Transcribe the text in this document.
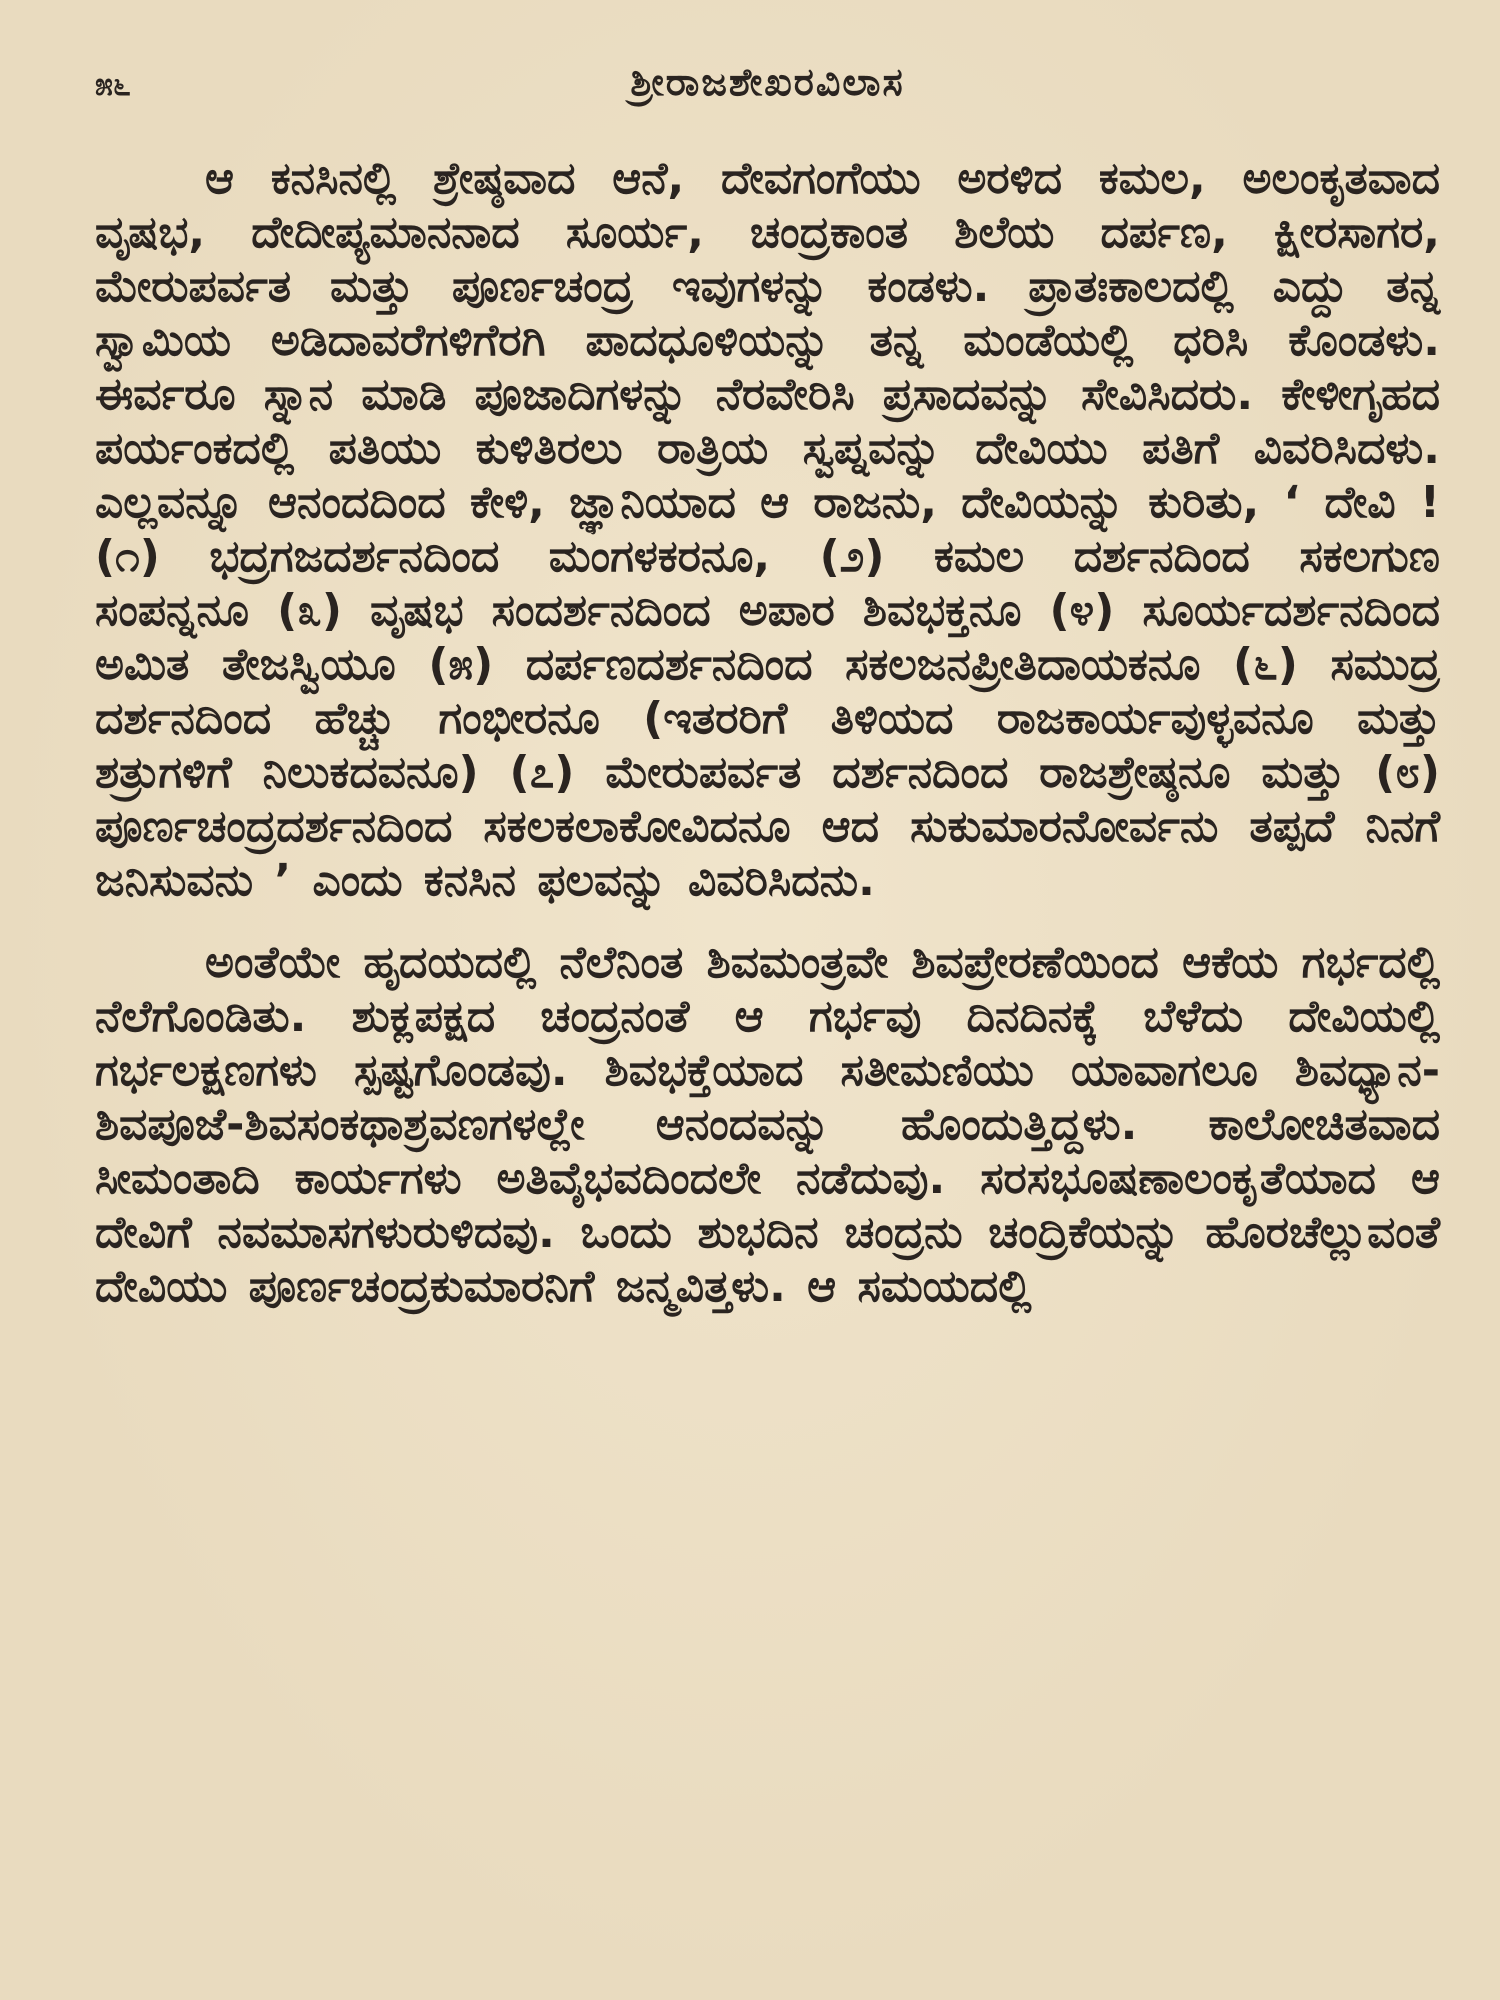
೫೬	ಶ್ರೀರಾಜಶೇಖರವಿಲಾಸ

ಆ ಕನಸಿನಲ್ಲಿ ಶ್ರೇಷ್ಠವಾದ ಆನೆ, ದೇವಗಂಗೆಯು ಅರಳಿದ ಕಮಲ, ಅಲಂಕೃತವಾದ ವೃಷಭ, ದೇದೀಪ್ಯಮಾನನಾದ ಸೂರ್ಯ, ಚಂದ್ರಕಾಂತ ಶಿಲೆಯ ದರ್ಪಣ, ಕ್ಷೀರಸಾಗರ, ಮೇರುಪರ್ವತ ಮತ್ತು ಪೂರ್ಣಚಂದ್ರ ಇವುಗಳನ್ನು ಕಂಡಳು. ಪ್ರಾತಃಕಾಲದಲ್ಲಿ ಎದ್ದು ತನ್ನ ಸ್ವಾಮಿಯ ಅಡಿದಾವರೆಗಳಿಗೆರಗಿ ಪಾದಧೂಳಿಯನ್ನು ತನ್ನ ಮಂಡೆಯಲ್ಲಿ ಧರಿಸಿ ಕೊಂಡಳು. ಈರ್ವರೂ ಸ್ನಾನ ಮಾಡಿ ಪೂಜಾದಿಗಳನ್ನು ನೆರವೇರಿಸಿ ಪ್ರಸಾದವನ್ನು ಸೇವಿಸಿದರು. ಕೇಳೀಗೃಹದ ಪರ್ಯಂಕದಲ್ಲಿ ಪತಿಯು ಕುಳಿತಿರಲು ರಾತ್ರಿಯ ಸ್ವಪ್ನವನ್ನು ದೇವಿಯು ಪತಿಗೆ ವಿವರಿಸಿದಳು. ಎಲ್ಲವನ್ನೂ ಆನಂದದಿಂದ ಕೇಳಿ, ಜ್ಞಾನಿಯಾದ ಆ ರಾಜನು, ದೇವಿಯನ್ನು ಕುರಿತು, ‘ ದೇವಿ ! (೧) ಭದ್ರಗಜದರ್ಶನದಿಂದ ಮಂಗಳಕರನೂ, (೨) ಕಮಲ ದರ್ಶನದಿಂದ ಸಕಲಗುಣ ಸಂಪನ್ನನೂ (೩) ವೃಷಭ ಸಂದರ್ಶನದಿಂದ ಅಪಾರ ಶಿವಭಕ್ತನೂ (೪) ಸೂರ್ಯದರ್ಶನದಿಂದ ಅಮಿತ ತೇಜಸ್ವಿಯೂ (೫) ದರ್ಪಣದರ್ಶನದಿಂದ ಸಕಲಜನಪ್ರೀತಿದಾಯಕನೂ (೬) ಸಮುದ್ರ ದರ್ಶನದಿಂದ ಹೆಚ್ಚು ಗಂಭೀರನೂ (ಇತರರಿಗೆ ತಿಳಿಯದ ರಾಜಕಾರ್ಯವುಳ್ಳವನೂ ಮತ್ತು ಶತ್ರುಗಳಿಗೆ ನಿಲುಕದವನೂ) (೭) ಮೇರುಪರ್ವತ ದರ್ಶನದಿಂದ ರಾಜಶ್ರೇಷ್ಠನೂ ಮತ್ತು (೮) ಪೂರ್ಣಚಂದ್ರದರ್ಶನದಿಂದ ಸಕಲಕಲಾಕೋವಿದನೂ ಆದ ಸುಕುಮಾರನೋರ್ವನು ತಪ್ಪದೆ ನಿನಗೆ ಜನಿಸುವನು ’ ಎಂದು ಕನಸಿನ ಫಲವನ್ನು ವಿವರಿಸಿದನು.

ಅಂತೆಯೇ ಹೃದಯದಲ್ಲಿ ನೆಲೆನಿಂತ ಶಿವಮಂತ್ರವೇ ಶಿವಪ್ರೇರಣೆಯಿಂದ ಆಕೆಯ ಗರ್ಭದಲ್ಲಿ ನೆಲೆಗೊಂಡಿತು. ಶುಕ್ಲಪಕ್ಷದ ಚಂದ್ರನಂತೆ ಆ ಗರ್ಭವು ದಿನದಿನಕ್ಕೆ ಬೆಳೆದು ದೇವಿಯಲ್ಲಿ ಗರ್ಭಲಕ್ಷಣಗಳು ಸ್ಪಷ್ಟಗೊಂಡವು. ಶಿವಭಕ್ತೆಯಾದ ಸತೀಮಣಿಯು ಯಾವಾಗಲೂ ಶಿವಧ್ಯಾನ-ಶಿವಪೂಜೆ-ಶಿವಸಂಕಥಾಶ್ರವಣಗಳಲ್ಲೇ ಆನಂದವನ್ನು ಹೊಂದುತ್ತಿದ್ದಳು. ಕಾಲೋಚಿತವಾದ ಸೀಮಂತಾದಿ ಕಾರ್ಯಗಳು ಅತಿವೈಭವದಿಂದಲೇ ನಡೆದುವು. ಸರಸಭೂಷಣಾಲಂಕೃತೆಯಾದ ಆ ದೇವಿಗೆ ನವಮಾಸಗಳುರುಳಿದವು. ಒಂದು ಶುಭದಿನ ಚಂದ್ರನು ಚಂದ್ರಿಕೆಯನ್ನು ಹೊರಚೆಲ್ಲುವಂತೆ ದೇವಿಯು ಪೂರ್ಣಚಂದ್ರಕುಮಾರನಿಗೆ ಜನ್ಮವಿತ್ತಳು. ಆ ಸಮಯದಲ್ಲಿ
